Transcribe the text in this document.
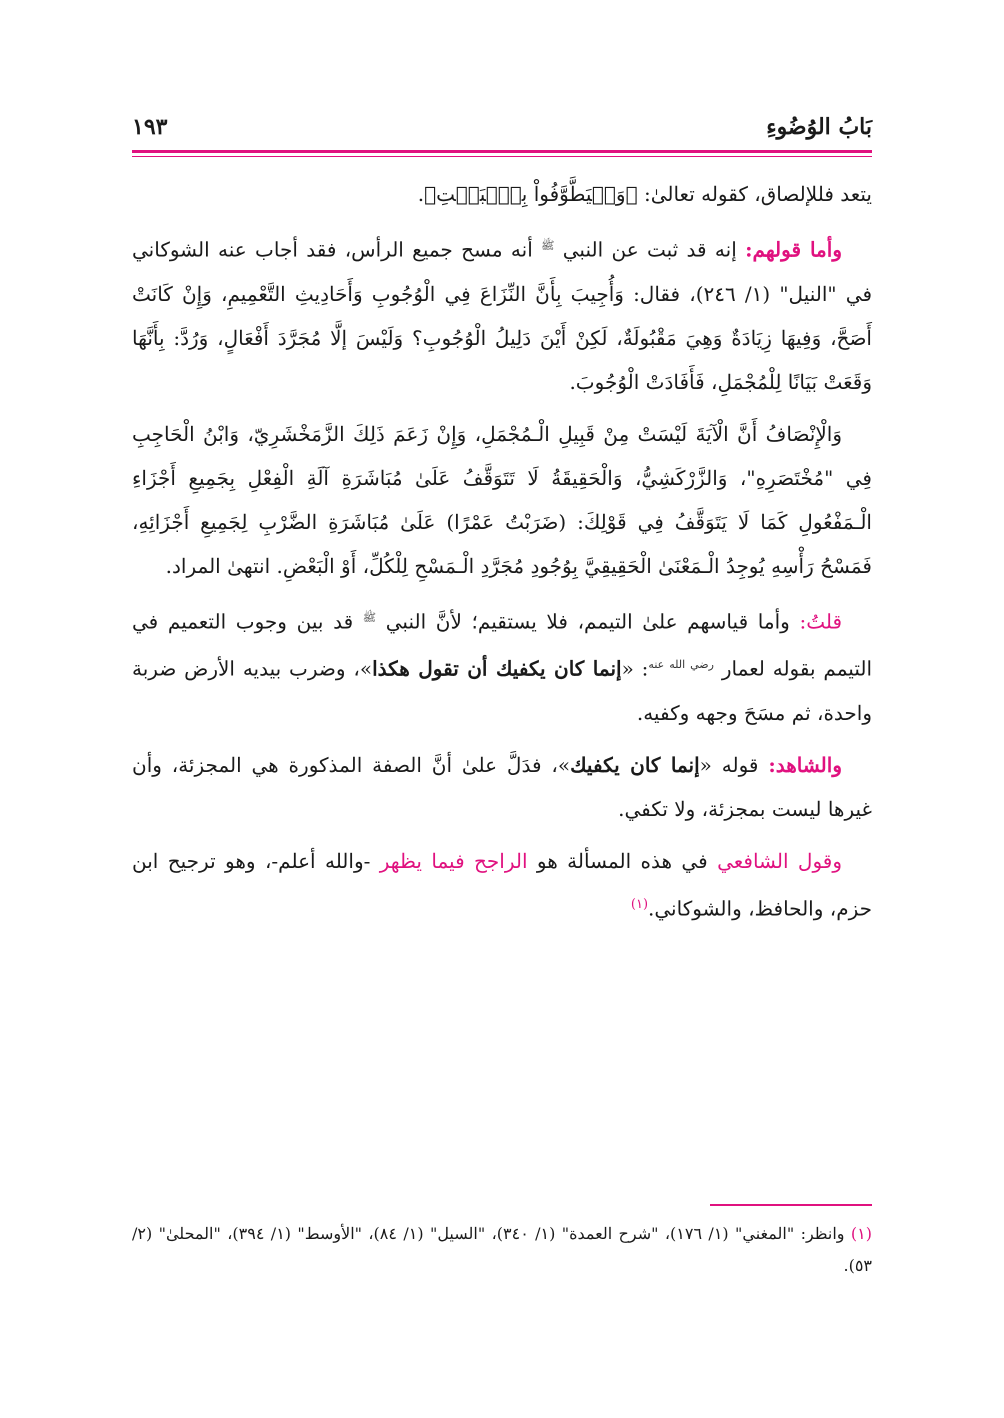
بَابُ الوُضُوءِ
١٩٣

يتعد فللإلصاق، كقوله تعالىٰ: ﴿وَلۡيَطَّوَّفُواْ بِٱلۡبَيۡتِ﴾.

وأما قولهم: إنه قد ثبت عن النبي $^ﷺ$ أنه مسح جميع الرأس، فقد أجاب عنه الشوكاني في "النيل" (١/ ٢٤٦)، فقال: وَأُجِيبَ بِأَنَّ النِّزَاعَ فِي الْوُجُوبِ وَأَحَادِيثِ التَّعْمِيمِ، وَإِنْ كَانَتْ أَصَحَّ، وَفِيهَا زِيَادَةٌ وَهِيَ مَقْبُولَةٌ، لَكِنْ أَيْنَ دَلِيلُ الْوُجُوبِ؟ وَلَيْسَ إلَّا مُجَرَّدَ أَفْعَالٍ، وَرُدَّ: بِأَنَّهَا وَقَعَتْ بَيَانًا لِلْمُجْمَلِ، فَأَفَادَتْ الْوُجُوبَ.

وَالْإِنْصَافُ أَنَّ الْآيَةَ لَيْسَتْ مِنْ قَبِيلِ الْـمُجْمَلِ، وَإِنْ زَعَمَ ذَلِكَ الزَّمَخْشَرِيّ، وَابْنُ الْحَاجِبِ فِي "مُخْتَصَرِهِ"، وَالزَّرْكَشِيُّ، وَالْحَقِيقَةُ لَا تَتَوَقَّفُ عَلَىٰ مُبَاشَرَةِ آلَةِ الْفِعْلِ بِجَمِيعِ أَجْزَاءِ الْـمَفْعُولِ كَمَا لَا يَتَوَقَّفُ فِي قَوْلِكَ: (ضَرَبْتُ عَمْرًا) عَلَىٰ مُبَاشَرَةِ الضَّرْبِ لِجَمِيعِ أَجْزَائِهِ، فَمَسْحُ رَأْسِهِ يُوجِدُ الْـمَعْنَىٰ الْحَقِيقِيَّ بِوُجُودِ مُجَرَّدِ الْـمَسْحِ لِلْكُلِّ، أَوْ الْبَعْضِ. انتهىٰ المراد.

قلتُ: وأما قياسهم علىٰ التيمم، فلا يستقيم؛ لأنَّ النبي $^ﷺ$ قد بين وجوب التعميم في التيمم بقوله لعمار $^{رضي الله عنه}$: «إنما كان يكفيك أن تقول هكذا»، وضرب بيديه الأرض ضربة واحدة، ثم مسَحَ وجهه وكفيه.

والشاهد: قوله «إنما كان يكفيك»، فدَلَّ علىٰ أنَّ الصفة المذكورة هي المجزئة، وأن غيرها ليست بمجزئة، ولا تكفي.

وقول الشافعي في هذه المسألة هو الراجح فيما يظهر -والله أعلم-، وهو ترجيح ابن حزم، والحافظ، والشوكاني.$^{(١)}$

(١) وانظر: "المغني" (١/ ١٧٦)، "شرح العمدة" (١/ ٣٤٠)، "السيل" (١/ ٨٤)، "الأوسط" (١/ ٣٩٤)، "المحلیٰ" (٢/ ٥٣).
